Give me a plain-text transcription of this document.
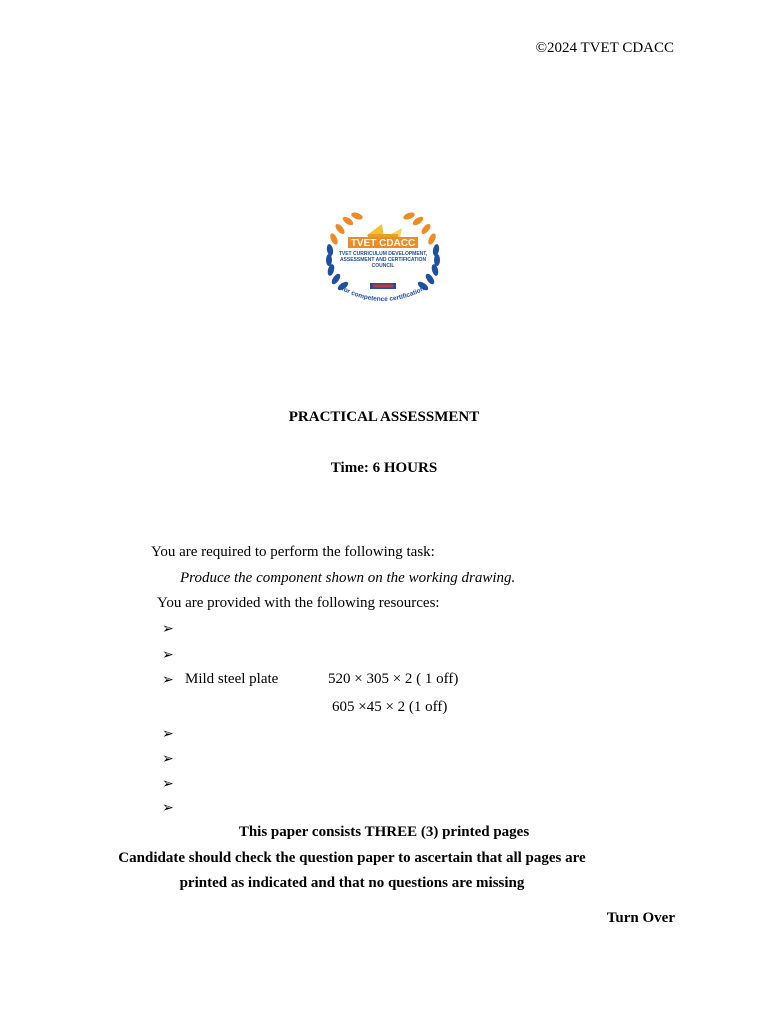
©2024 TVET CDACC
TVET CDACC
TVET CURRICULUM DEVELOPMENT,
ASSESSMENT AND CERTIFICATION
COUNCIL
for competence certification
PRACTICAL ASSESSMENT
Time: 6 HOURS
You are required to perform the following task:
Produce the component shown on the working drawing.
You are provided with the following resources:
➢
➢
➢ Mild steel plate	520 × 305 × 2 ( 1 off)
605 ×45 × 2 (1 off)
➢
➢
➢
➢
This paper consists THREE (3) printed pages
Candidate should check the question paper to ascertain that all pages are
printed as indicated and that no questions are missing
Turn Over
